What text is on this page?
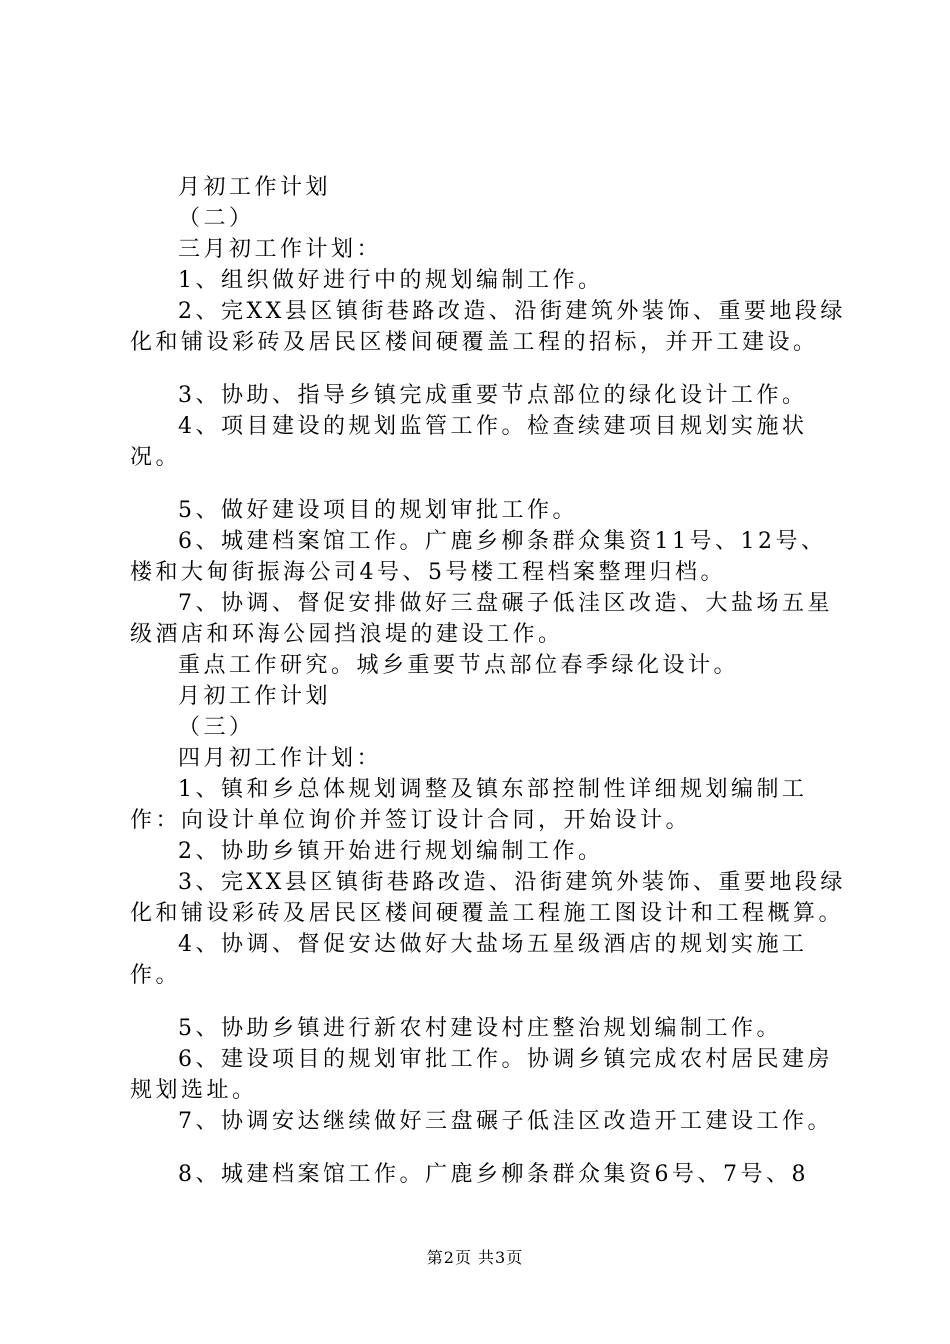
月初工作计划

（二）

三月初工作计划：

1、组织做好进行中的规划编制工作。

2、完XX县区镇街巷路改造、沿街建筑外装饰、重要地段绿化和铺设彩砖及居民区楼间硬覆盖工程的招标，并开工建设。

3、协助、指导乡镇完成重要节点部位的绿化设计工作。

4、项目建设的规划监管工作。检查续建项目规划实施状况。

5、做好建设项目的规划审批工作。

6、城建档案馆工作。广鹿乡柳条群众集资11号、12号、楼和大甸街振海公司4号、5号楼工程档案整理归档。

7、协调、督促安排做好三盘碾子低洼区改造、大盐场五星级酒店和环海公园挡浪堤的建设工作。

重点工作研究。城乡重要节点部位春季绿化设计。

月初工作计划

（三）

四月初工作计划：

1、镇和乡总体规划调整及镇东部控制性详细规划编制工作：向设计单位询价并签订设计合同，开始设计。

2、协助乡镇开始进行规划编制工作。

3、完XX县区镇街巷路改造、沿街建筑外装饰、重要地段绿化和铺设彩砖及居民区楼间硬覆盖工程施工图设计和工程概算。

4、协调、督促安达做好大盐场五星级酒店的规划实施工作。

5、协助乡镇进行新农村建设村庄整治规划编制工作。

6、建设项目的规划审批工作。协调乡镇完成农村居民建房规划选址。

7、协调安达继续做好三盘碾子低洼区改造开工建设工作。

8、城建档案馆工作。广鹿乡柳条群众集资6号、7号、8

第2页 共3页
